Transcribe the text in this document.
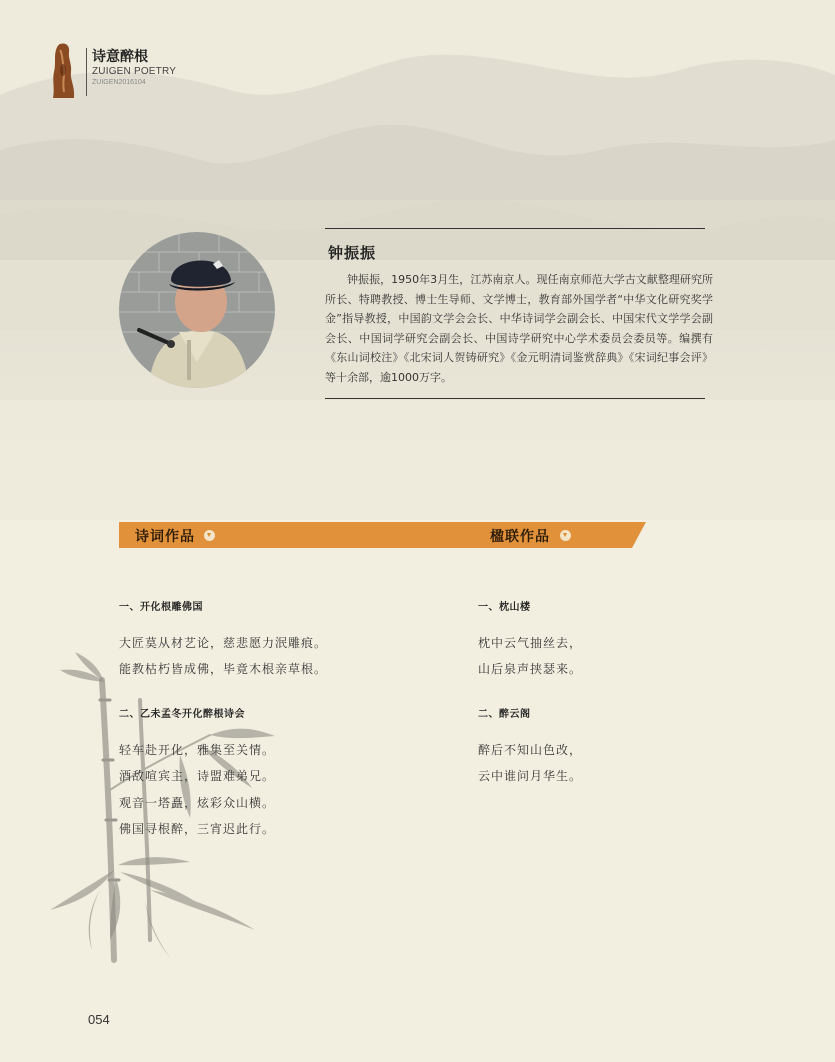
诗意醉根
ZUIGEN POETRY
ZUIGEN2016104
钟振振

钟振振，1950年3月生，江苏南京人。现任南京师范大学古文献整理研究所所长、特聘教授、博士生导师、文学博士，教育部外国学者“中华文化研究奖学金”指导教授，中国韵文学会会长、中华诗词学会副会长、中国宋代文学学会副会长、中国词学研究会副会长、中国诗学研究中心学术委员会委员等。编撰有《东山词校注》《北宋词人贺铸研究》《金元明清词鉴赏辞典》《宋词纪事会评》等十余部，逾1000万字。

诗词作品	楹联作品
一、开化根雕佛国
大匠莫从材艺论，慈悲愿力泯雕痕。
能教枯朽皆成佛，毕竟木根亲草根。
二、乙未孟冬开化醉根诗会
轻车赴开化，雅集至关情。
酒敌喧宾主，诗盟难弟兄。
观音一塔矗，炫彩众山横。
佛国寻根醉，三宵迟此行。
一、枕山楼
枕中云气抽丝去，
山后泉声挟瑟来。
二、醉云阁
醉后不知山色改，
云中谁问月华生。
054
